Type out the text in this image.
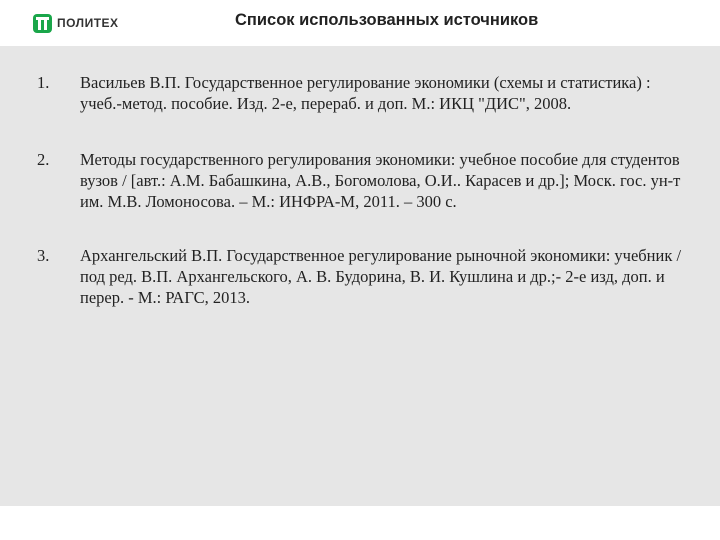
ПОЛИТЕХ	Список использованных источников
1. Васильев В.П. Государственное регулирование экономики (схемы и статистика) : учеб.-метод. пособие. Изд. 2-е, перераб. и доп. М.: ИКЦ "ДИС", 2008.
2. Методы государственного регулирования экономики: учебное пособие для студентов вузов / [авт.: А.М. Бабашкина, А.В., Богомолова, О.И.. Карасев и др.]; Моск. гос. ун-т им. М.В. Ломоносова. – М.: ИНФРА-М, 2011. – 300 с.
3. Архангельский В.П. Государственное регулирование рыночной экономики: учебник / под ред. В.П. Архангельского, А. В. Будорина, В. И. Кушлина и др.;- 2-е изд, доп. и перер. - М.: РАГС, 2013.
